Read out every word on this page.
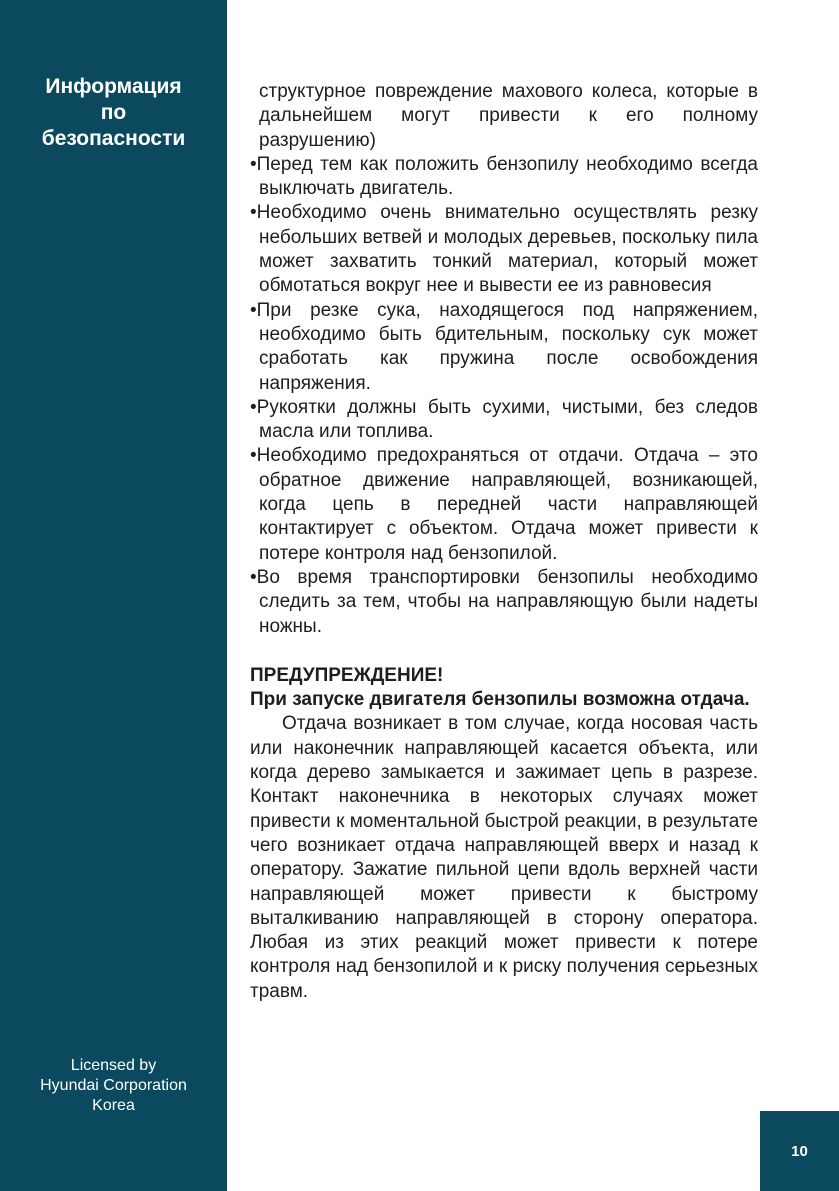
Информация
по
безопасности
Licensed by
Hyundai Corporation
Korea

структурное повреждение махового колеса, которые в дальнейшем могут привести к его полному разрушению)

•Перед тем как положить бензопилу необходимо всегда выключать двигатель.

•Необходимо очень внимательно осуществлять резку небольших ветвей и молодых деревьев, поскольку пила может захватить тонкий материал, который может обмотаться вокруг нее и вывести ее из равновесия

•При резке сука, находящегося под напряжением, необходимо быть бдительным, поскольку сук может сработать как пружина после освобождения напряжения.

•Рукоятки должны быть сухими, чистыми, без следов масла или топлива.

•Необходимо предохраняться от отдачи. Отдача – это обратное движение направляющей, возникающей, когда цепь в передней части направляющей контактирует с объектом. Отдача может привести к потере контроля над бензопилой.

•Во время транспортировки бензопилы необходимо следить за тем, чтобы на направляющую были надеты ножны.

ПРЕДУПРЕЖДЕНИЕ!

При запуске двигателя бензопилы возможна отдача.

Отдача возникает в том случае, когда носовая часть или наконечник направляющей касается объекта, или когда дерево замыкается и зажимает цепь в разрезе. Контакт наконечника в некоторых случаях может привести к моментальной быстрой реакции, в результате чего возникает отдача направляющей вверх и назад к оператору. Зажатие пильной цепи вдоль верхней части направляющей может привести к быстрому выталкиванию направляющей в сторону оператора. Любая из этих реакций может привести к потере контроля над бензопилой и к риску получения серьезных травм.

10
